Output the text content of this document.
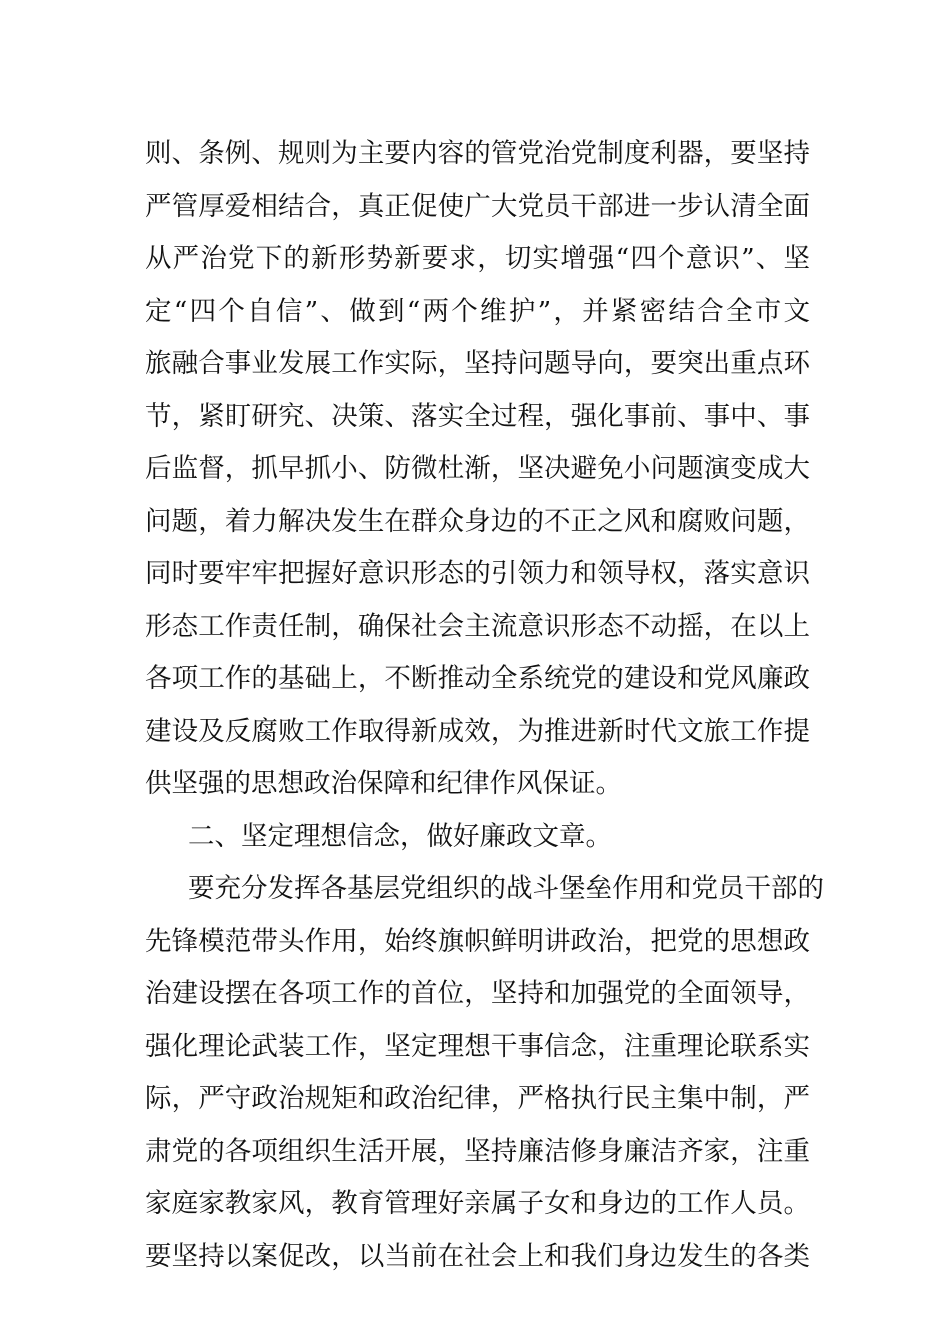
则、条例、规则为主要内容的管党治党制度利器，要坚持
严管厚爱相结合，真正促使广大党员干部进一步认清全面
从严治党下的新形势新要求，切实增强“四个意识”、坚
定“四个自信”、做到“两个维护”，并紧密结合全市文
旅融合事业发展工作实际，坚持问题导向，要突出重点环
节，紧盯研究、决策、落实全过程，强化事前、事中、事
后监督，抓早抓小、防微杜渐，坚决避免小问题演变成大
问题，着力解决发生在群众身边的不正之风和腐败问题，
同时要牢牢把握好意识形态的引领力和领导权，落实意识
形态工作责任制，确保社会主流意识形态不动摇，在以上
各项工作的基础上，不断推动全系统党的建设和党风廉政
建设及反腐败工作取得新成效，为推进新时代文旅工作提
供坚强的思想政治保障和纪律作风保证。
二、坚定理想信念，做好廉政文章。
要充分发挥各基层党组织的战斗堡垒作用和党员干部的
先锋模范带头作用，始终旗帜鲜明讲政治，把党的思想政
治建设摆在各项工作的首位，坚持和加强党的全面领导，
强化理论武装工作，坚定理想干事信念，注重理论联系实
际，严守政治规矩和政治纪律，严格执行民主集中制，严
肃党的各项组织生活开展，坚持廉洁修身廉洁齐家，注重
家庭家教家风，教育管理好亲属子女和身边的工作人员。
要坚持以案促改，以当前在社会上和我们身边发生的各类
